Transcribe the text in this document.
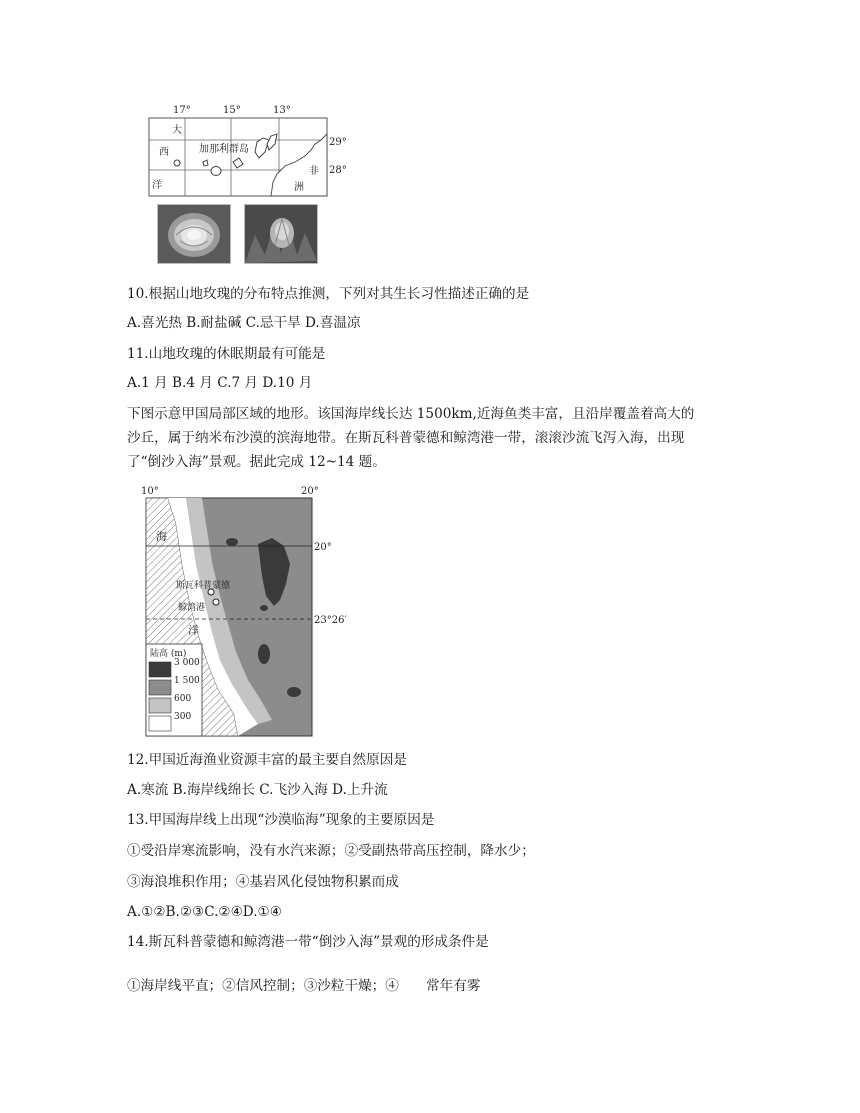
17°	15°	13°
大
西
洋
加那利群岛
非
洲
29°
28°
10.根据山地玫瑰的分布特点推测，下列对其生长习性描述正确的是
A.喜光热 B.耐盐碱 C.忌干旱 D.喜温凉
11.山地玫瑰的休眠期最有可能是
A.1 月 B.4 月 C.7 月 D.10 月
下图示意甲国局部区域的地形。该国海岸线长达 1500km,近海鱼类丰富，且沿岸覆盖着高大的
沙丘，属于纳米布沙漠的滨海地带。在斯瓦科普蒙德和鲸湾港一带，滚滚沙流飞泻入海，出现
了“倒沙入海”景观。据此完成 12~14 题。
10°	20°
20°
23°26′
海
洋
斯瓦科普蒙德
鲸湾港
陆高 (m)
3 000
1 500
600
300
12.甲国近海渔业资源丰富的最主要自然原因是
A.寒流 B.海岸线绵长 C.飞沙入海 D.上升流
13.甲国海岸线上出现“沙漠临海”现象的主要原因是
①受沿岸寒流影响，没有水汽来源；②受副热带高压控制，降水少；
③海浪堆积作用；④基岩风化侵蚀物积累而成
A.①②B.②③C.②④D.①④
14.斯瓦科普蒙德和鲸湾港一带“倒沙入海”景观的形成条件是
①海岸线平直；②信风控制；③沙粒干燥；④　　常年有雾
